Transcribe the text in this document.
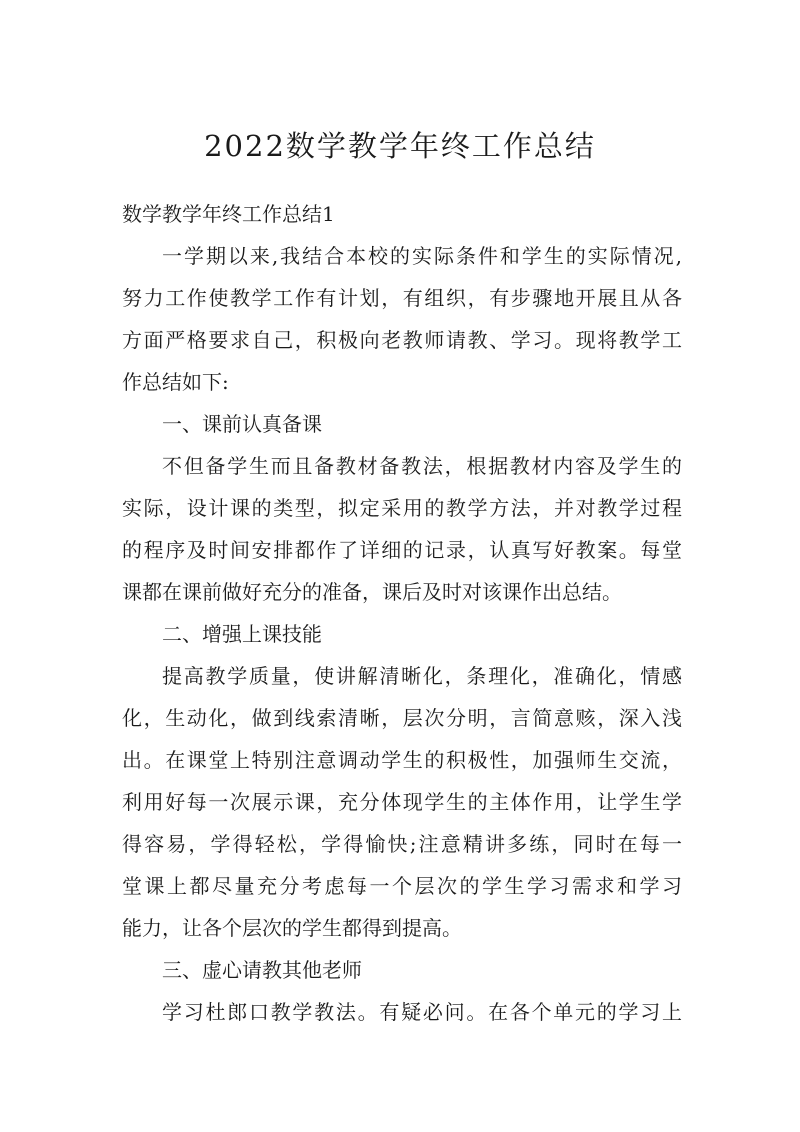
2022数学教学年终工作总结
数学教学年终工作总结1
一学期以来,我结合本校的实际条件和学生的实际情况,
努力工作使教学工作有计划，有组织，有步骤地开展且从各
方面严格要求自己，积极向老教师请教、学习。现将教学工
作总结如下:
一、课前认真备课
不但备学生而且备教材备教法，根据教材内容及学生的
实际，设计课的类型，拟定采用的教学方法，并对教学过程
的程序及时间安排都作了详细的记录，认真写好教案。每堂
课都在课前做好充分的准备，课后及时对该课作出总结。
二、增强上课技能
提高教学质量，使讲解清晰化，条理化，准确化，情感
化，生动化，做到线索清晰，层次分明，言简意赅，深入浅
出。在课堂上特别注意调动学生的积极性，加强师生交流，
利用好每一次展示课，充分体现学生的主体作用，让学生学
得容易，学得轻松，学得愉快;注意精讲多练，同时在每一
堂课上都尽量充分考虑每一个层次的学生学习需求和学习
能力，让各个层次的学生都得到提高。
三、虚心请教其他老师
学习杜郎口教学教法。有疑必问。在各个单元的学习上
